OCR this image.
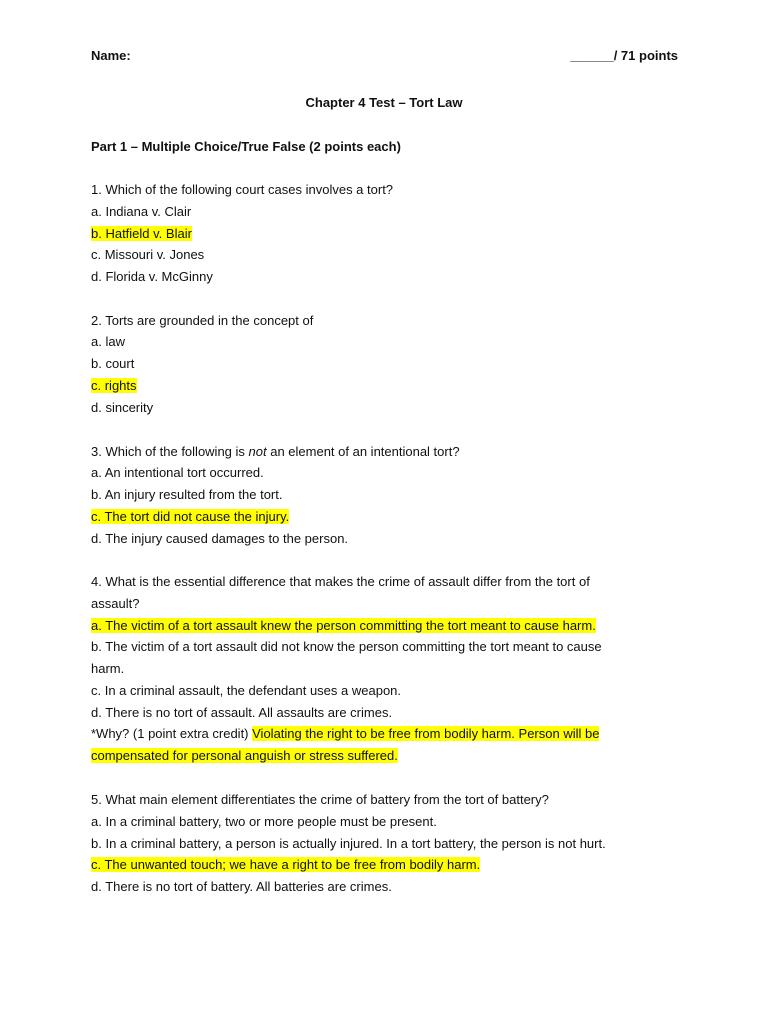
Name:	______/ 71 points
Chapter 4 Test – Tort Law
Part 1 – Multiple Choice/True False (2 points each)
1. Which of the following court cases involves a tort?
a. Indiana v. Clair
b. Hatfield v. Blair
c. Missouri v. Jones
d. Florida v. McGinny
2. Torts are grounded in the concept of
a. law
b. court
c. rights
d. sincerity
3. Which of the following is not an element of an intentional tort?
a. An intentional tort occurred.
b. An injury resulted from the tort.
c. The tort did not cause the injury.
d. The injury caused damages to the person.
4. What is the essential difference that makes the crime of assault differ from the tort of
assault?
a. The victim of a tort assault knew the person committing the tort meant to cause harm.
b. The victim of a tort assault did not know the person committing the tort meant to cause
harm.
c. In a criminal assault, the defendant uses a weapon.
d. There is no tort of assault. All assaults are crimes.
*Why? (1 point extra credit) Violating the right to be free from bodily harm. Person will be
compensated for personal anguish or stress suffered.
5. What main element differentiates the crime of battery from the tort of battery?
a. In a criminal battery, two or more people must be present.
b. In a criminal battery, a person is actually injured. In a tort battery, the person is not hurt.
c. The unwanted touch; we have a right to be free from bodily harm.
d. There is no tort of battery. All batteries are crimes.
